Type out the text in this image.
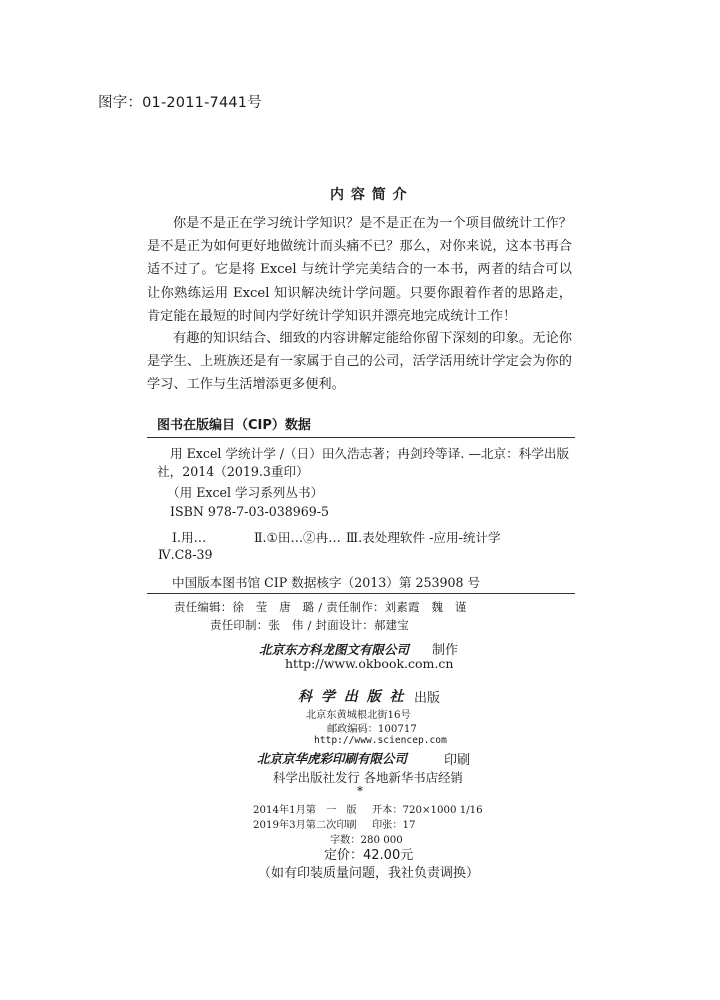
图字：01-2011-7441号
内 容 简 介
你是不是正在学习统计学知识？是不是正在为一个项目做统计工作？是不是正为如何更好地做统计而头痛不已？那么，对你来说，这本书再合适不过了。它是将 Excel 与统计学完美结合的一本书，两者的结合可以让你熟练运用 Excel 知识解决统计学问题。只要你跟着作者的思路走，肯定能在最短的时间内学好统计学知识并漂亮地完成统计工作！
有趣的知识结合、细致的内容讲解定能给你留下深刻的印象。无论你是学生、上班族还是有一家属于自己的公司，活学活用统计学定会为你的学习、工作与生活增添更多便利。
图书在版编目（CIP）数据
用 Excel 学统计学 /（日）田久浩志著；冉剑玲等译. —北京：科学出版
社，2014（2019.3重印）
（用 Excel 学习系列丛书）
ISBN 978-7-03-038969-5
Ⅰ.用…	Ⅱ.①田…②冉… Ⅲ.表处理软件 -应用-统计学
Ⅳ.C8-39
中国版本图书馆 CIP 数据核字（2013）第 253908 号
责任编辑：徐　莹　唐　璐 / 责任制作：刘素霞　魏　谨
责任印制：张　伟 / 封面设计：郝建宝
北京东方科龙图文有限公司 制作
http://www.okbook.com.cn
科 学 出 版 社 出版
北京东黄城根北街16号
邮政编码：100717
http://www.sciencep.com
北京京华虎彩印刷有限公司	印刷
科学出版社发行 各地新华书店经销
*
2014年1月第　一　版 开本：720×1000 1/16
2019年3月第二次印刷 印张：17
字数：280 000
定价：42.00元
（如有印装质量问题，我社负责调换）
